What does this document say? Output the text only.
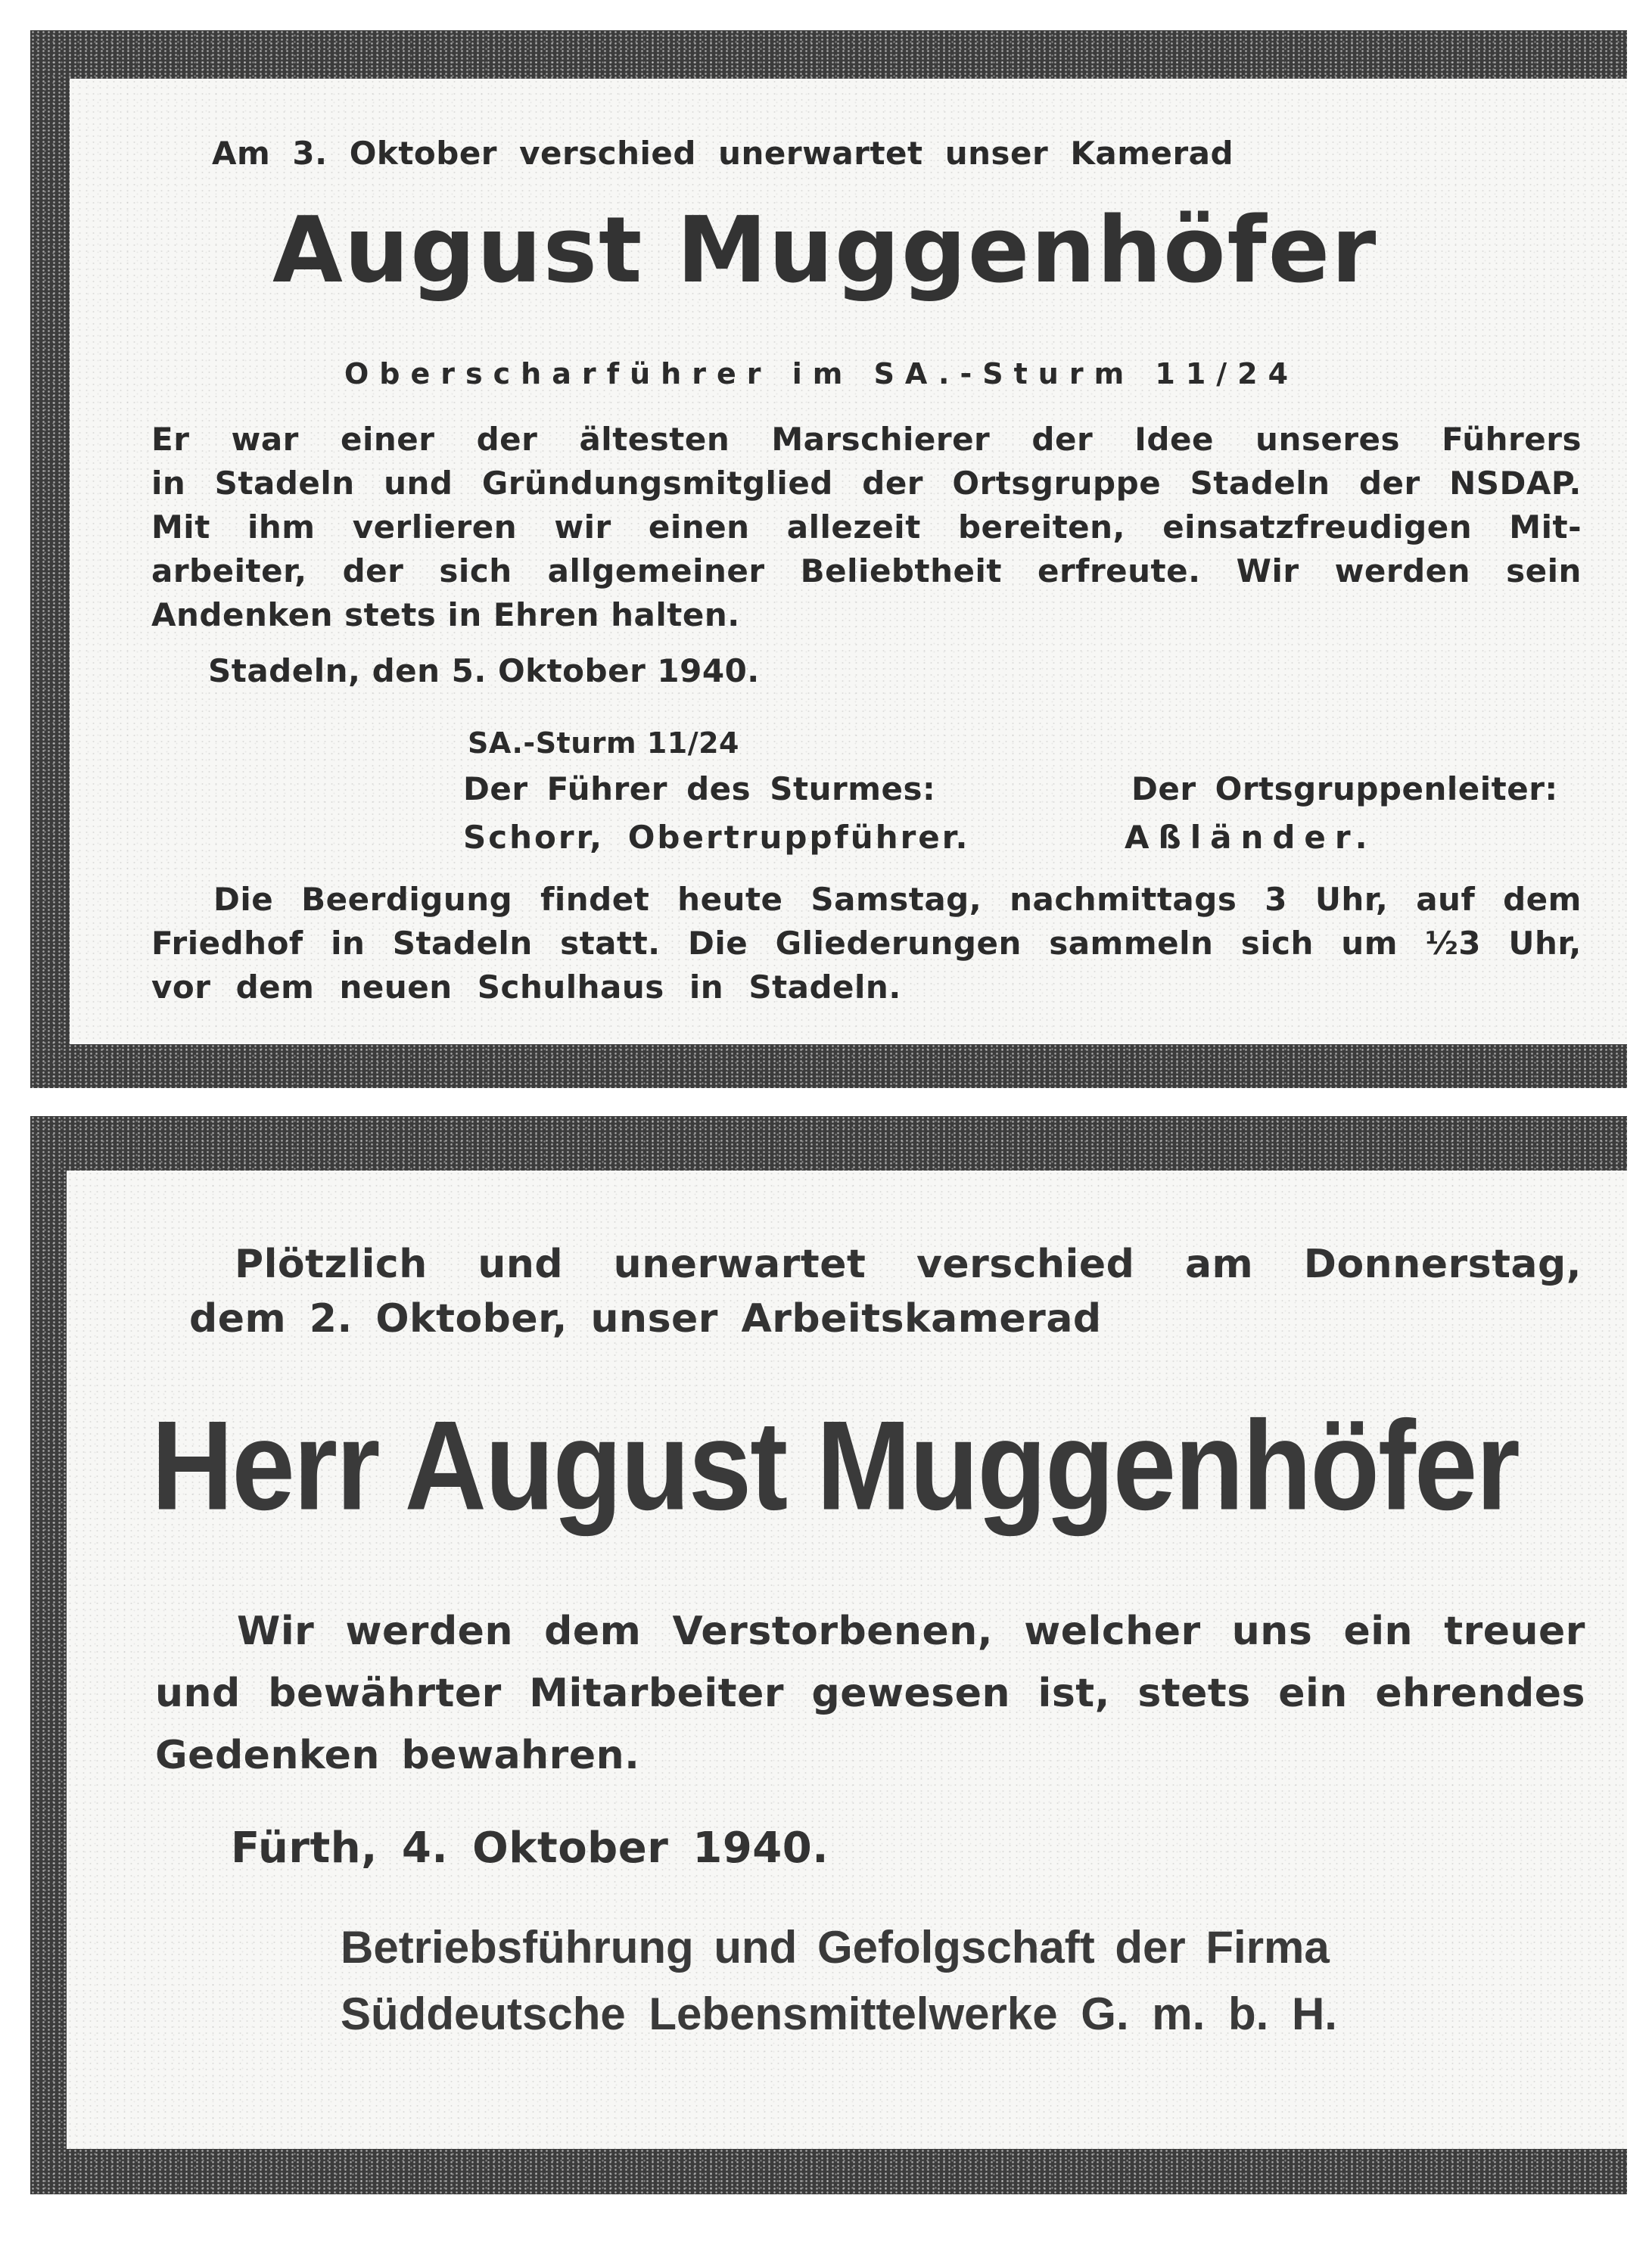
Am 3. Oktober verschied unerwartet unser Kamerad

August Muggenhöfer

Oberscharführer im SA.-Sturm 11/24

Er war einer der ältesten Marschierer der Idee unseres Führers
in Stadeln und Gründungsmitglied der Ortsgruppe Stadeln der NSDAP.
Mit ihm verlieren wir einen allezeit bereiten, einsatzfreudigen Mit-
arbeiter, der sich allgemeiner Beliebtheit erfreute. Wir werden sein
Andenken stets in Ehren halten.

Stadeln, den 5. Oktober 1940.

SA.-Sturm 11/24

Der Führer des Sturmes:	Der Ortsgruppenleiter:

Schorr, Obertruppführer.	Aßländer.

Die Beerdigung findet heute Samstag, nachmittags 3 Uhr, auf dem
Friedhof in Stadeln statt. Die Gliederungen sammeln sich um ½3 Uhr,
vor dem neuen Schulhaus in Stadeln.
Plötzlich und unerwartet verschied am Donnerstag,
dem 2. Oktober, unser Arbeitskamerad

Herr August Muggenhöfer

Wir werden dem Verstorbenen, welcher uns ein treuer
und bewährter Mitarbeiter gewesen ist, stets ein ehrendes
Gedenken bewahren.

Fürth, 4. Oktober 1940.

Betriebsführung und Gefolgschaft der Firma
Süddeutsche Lebensmittelwerke G. m. b. H.
